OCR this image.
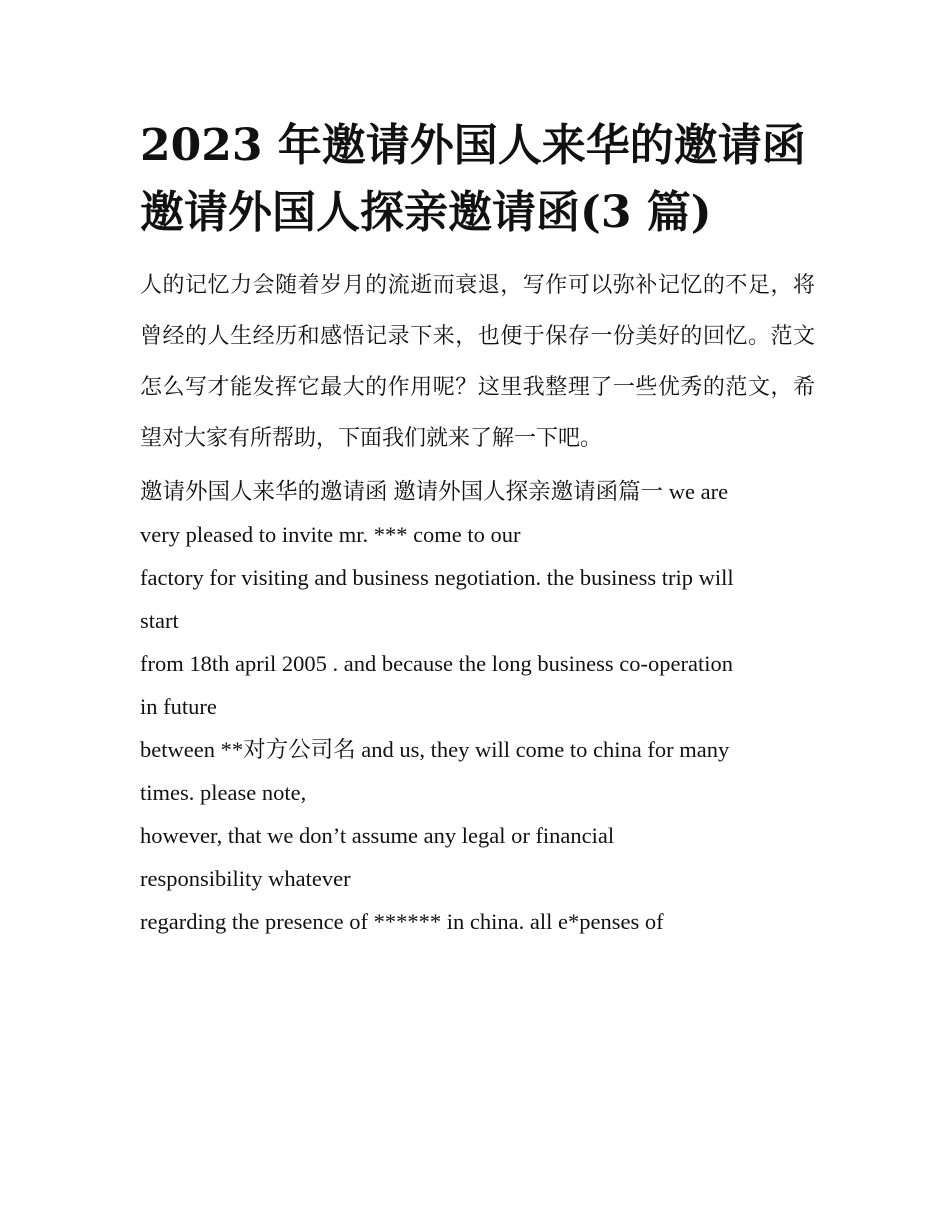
2023 年邀请外国人来华的邀请函 邀请外国人探亲邀请函(3 篇)

人的记忆力会随着岁月的流逝而衰退，写作可以弥补记忆的不足，将曾经的人生经历和感悟记录下来，也便于保存一份美好的回忆。范文怎么写才能发挥它最大的作用呢？这里我整理了一些优秀的范文，希望对大家有所帮助，下面我们就来了解一下吧。

邀请外国人来华的邀请函 邀请外国人探亲邀请函篇一 we are
very pleased to invite mr. *** come to our
factory for visiting and business negotiation. the business trip will
start
from 18th april 2005 . and because the long business co-operation
in future
between **对方公司名 and us, they will come to china for many
times. please note,
however, that we don’t assume any legal or financial
responsibility whatever
regarding the presence of ****** in china. all e*penses of
